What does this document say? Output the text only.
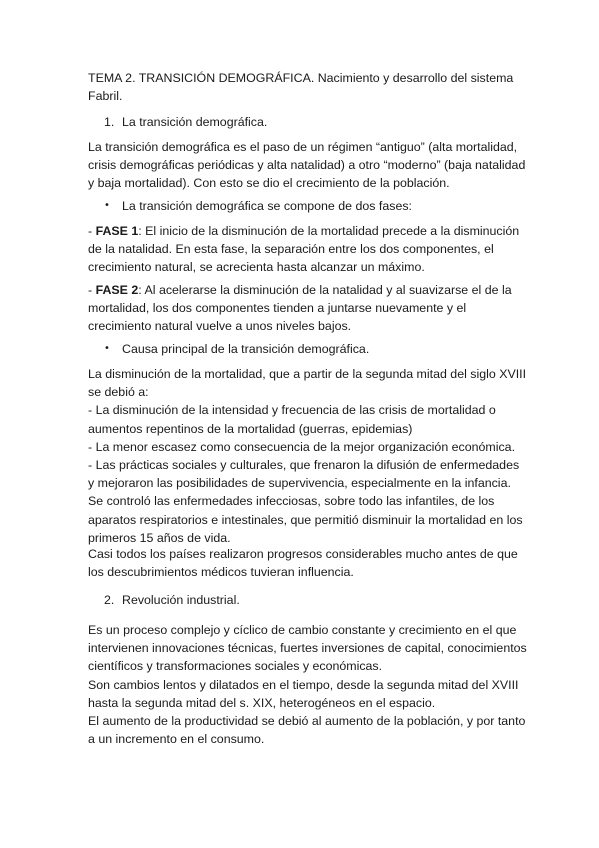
TEMA 2. TRANSICIÓN DEMOGRÁFICA. Nacimiento y desarrollo del sistema
Fabril.
1. La transición demográfica.
La transición demográfica es el paso de un régimen “antiguo” (alta mortalidad,
crisis demográficas periódicas y alta natalidad) a otro “moderno” (baja natalidad
y baja mortalidad). Con esto se dio el crecimiento de la población.
• La transición demográfica se compone de dos fases:
- FASE 1: El inicio de la disminución de la mortalidad precede a la disminución
de la natalidad. En esta fase, la separación entre los dos componentes, el
crecimiento natural, se acrecienta hasta alcanzar un máximo.
- FASE 2: Al acelerarse la disminución de la natalidad y al suavizarse el de la
mortalidad, los dos componentes tienden a juntarse nuevamente y el
crecimiento natural vuelve a unos niveles bajos.
• Causa principal de la transición demográfica.
La disminución de la mortalidad, que a partir de la segunda mitad del siglo XVIII
se debió a:
- La disminución de la intensidad y frecuencia de las crisis de mortalidad o
aumentos repentinos de la mortalidad (guerras, epidemias)
- La menor escasez como consecuencia de la mejor organización económica.
- Las prácticas sociales y culturales, que frenaron la difusión de enfermedades
y mejoraron las posibilidades de supervivencia, especialmente en la infancia.
Se controló las enfermedades infecciosas, sobre todo las infantiles, de los
aparatos respiratorios e intestinales, que permitió disminuir la mortalidad en los
primeros 15 años de vida.
Casi todos los países realizaron progresos considerables mucho antes de que
los descubrimientos médicos tuvieran influencia.
2. Revolución industrial.
Es un proceso complejo y cíclico de cambio constante y crecimiento en el que
intervienen innovaciones técnicas, fuertes inversiones de capital, conocimientos
científicos y transformaciones sociales y económicas.
Son cambios lentos y dilatados en el tiempo, desde la segunda mitad del XVIII
hasta la segunda mitad del s. XIX, heterogéneos en el espacio.
El aumento de la productividad se debió al aumento de la población, y por tanto
a un incremento en el consumo.
